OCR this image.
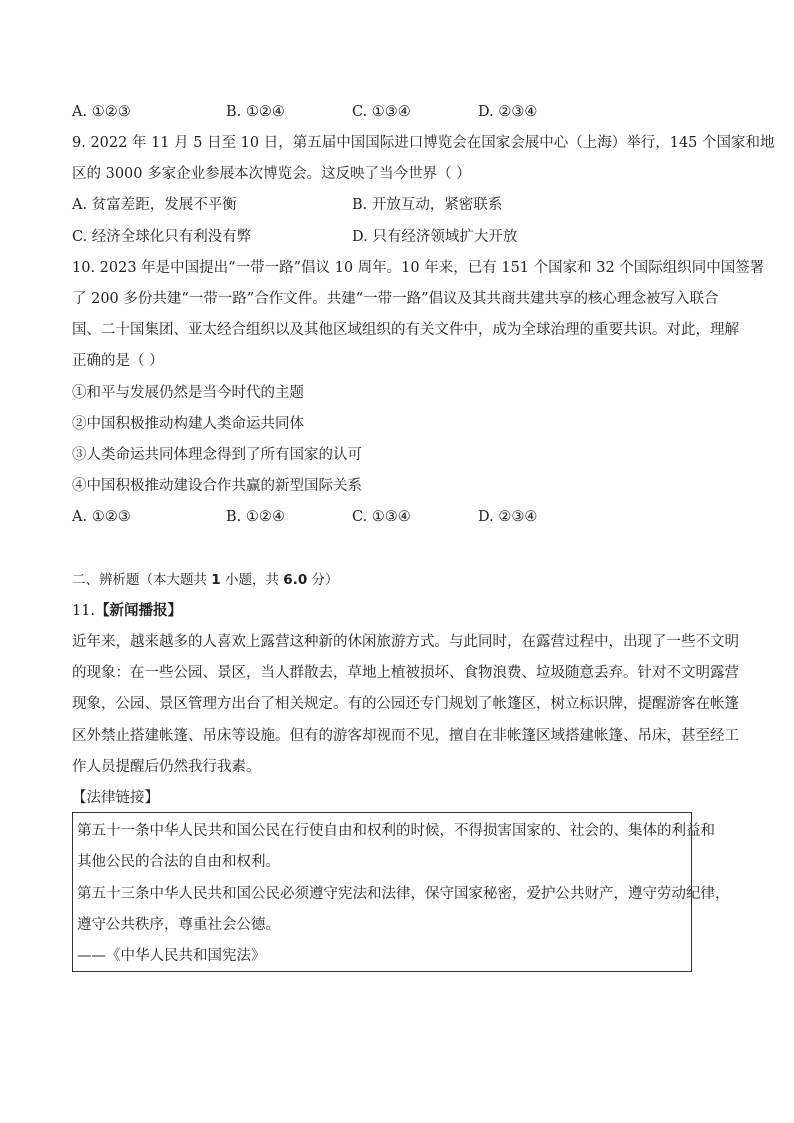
A. ①②③	B. ①②④	C. ①③④	D. ②③④
9. 2022 年 11 月 5 日至 10 日，第五届中国国际进口博览会在国家会展中心（上海）举行，145 个国家和地
区的 3000 多家企业参展本次博览会。这反映了当今世界（ ）
A. 贫富差距，发展不平衡	B. 开放互动，紧密联系
C. 经济全球化只有利没有弊	D. 只有经济领域扩大开放
10. 2023 年是中国提出“一带一路”倡议 10 周年。10 年来，已有 151 个国家和 32 个国际组织同中国签署
了 200 多份共建“一带一路”合作文件。共建“一带一路”倡议及其共商共建共享的核心理念被写入联合
国、二十国集团、亚太经合组织以及其他区域组织的有关文件中，成为全球治理的重要共识。对此，理解
正确的是（ ）
①和平与发展仍然是当今时代的主题
②中国积极推动构建人类命运共同体
③人类命运共同体理念得到了所有国家的认可
④中国积极推动建设合作共赢的新型国际关系
A. ①②③	B. ①②④	C. ①③④	D. ②③④
二、辨析题（本大题共 1 小题，共 6.0 分）
11.【新闻播报】
近年来，越来越多的人喜欢上露营这种新的休闲旅游方式。与此同时，在露营过程中，出现了一些不文明
的现象：在一些公园、景区，当人群散去，草地上植被损坏、食物浪费、垃圾随意丢弃。针对不文明露营
现象，公园、景区管理方出台了相关规定。有的公园还专门规划了帐篷区，树立标识牌，提醒游客在帐篷
区外禁止搭建帐篷、吊床等设施。但有的游客却视而不见，擅自在非帐篷区域搭建帐篷、吊床，甚至经工
作人员提醒后仍然我行我素。
【法律链接】
第五十一条中华人民共和国公民在行使自由和权利的时候，不得损害国家的、社会的、集体的利益和
其他公民的合法的自由和权利。
第五十三条中华人民共和国公民必须遵守宪法和法律，保守国家秘密，爱护公共财产，遵守劳动纪律，
遵守公共秩序，尊重社会公德。
——《中华人民共和国宪法》
